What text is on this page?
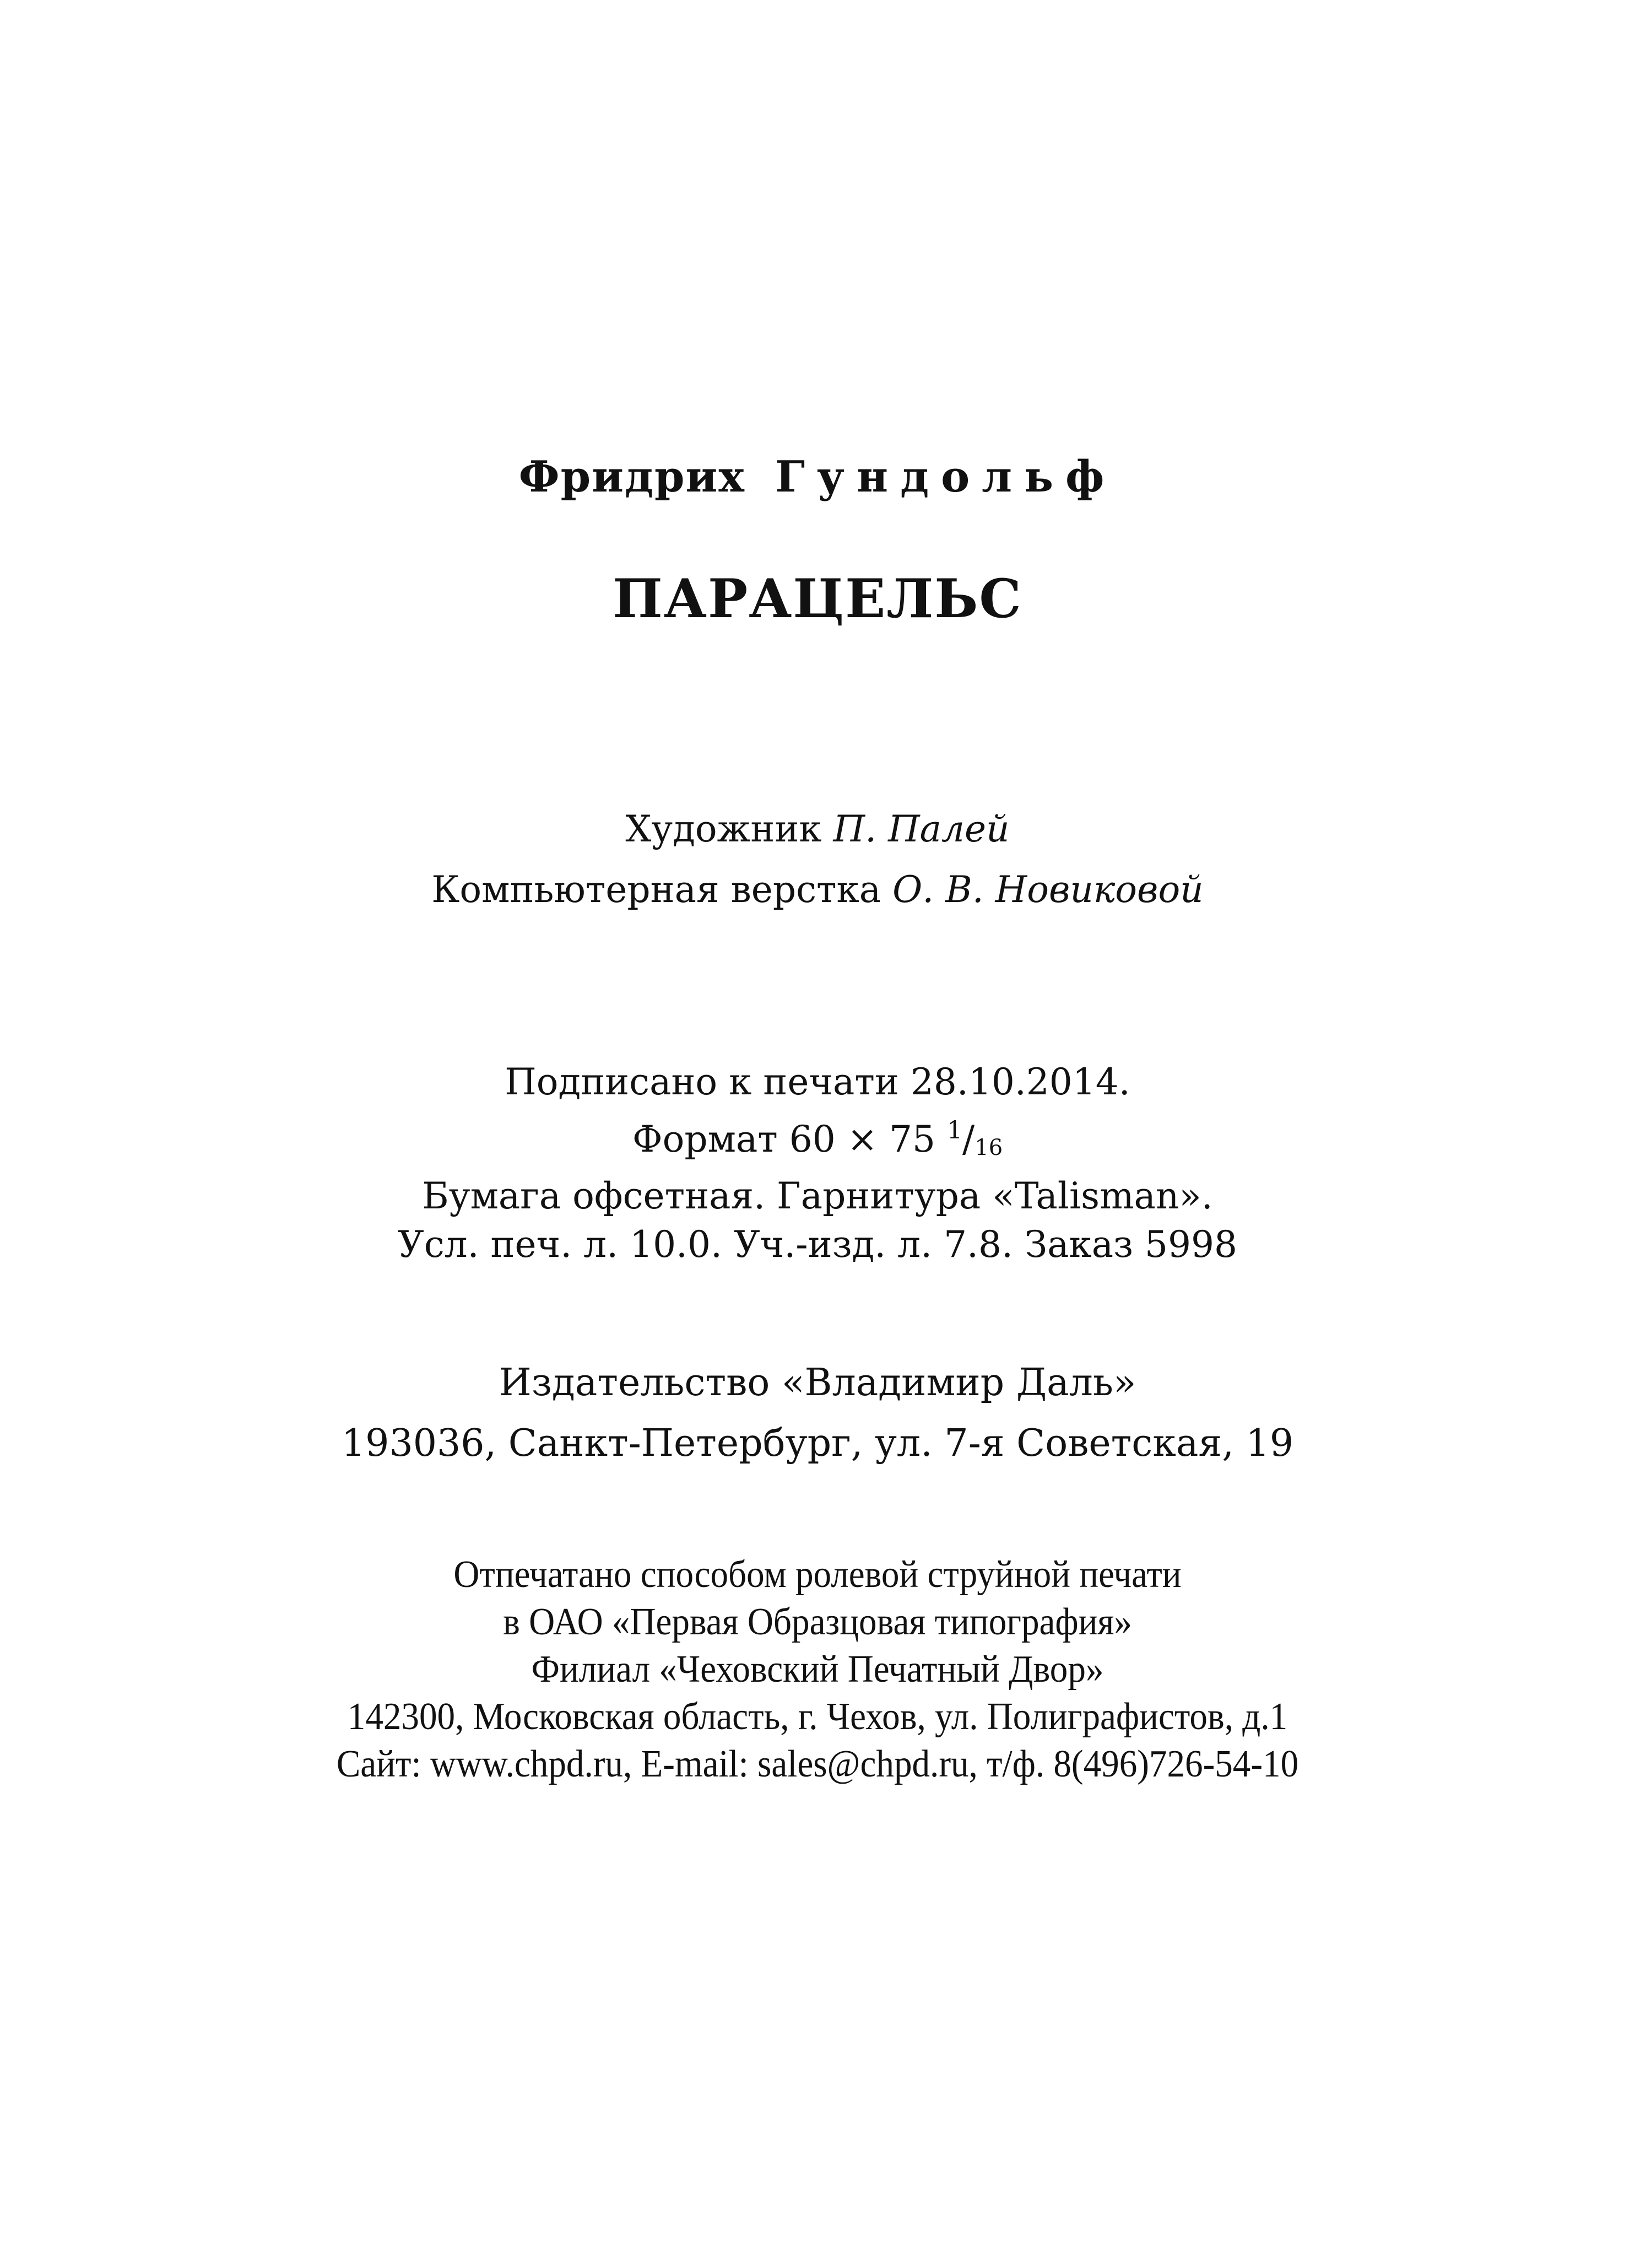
Фридрих Гундольф
ПАРАЦЕЛЬС
Художник П. Палей
Компьютерная верстка О. В. Новиковой
Подписано к печати 28.10.2014.
Формат 60 × 75 $^1$/16
Бумага офсетная. Гарнитура «Talisman».
Усл. печ. л. 10.0. Уч.-изд. л. 7.8. Заказ 5998
Издательство «Владимир Даль»
193036, Санкт-Петербург, ул. 7-я Советская, 19
Отпечатано способом ролевой струйной печати
в ОАО «Первая Образцовая типография»
Филиал «Чеховский Печатный Двор»
142300, Московская область, г. Чехов, ул. Полиграфистов, д.1
Сайт: www.chpd.ru, E-mail: sales@chpd.ru, т/ф. 8(496)726-54-10
